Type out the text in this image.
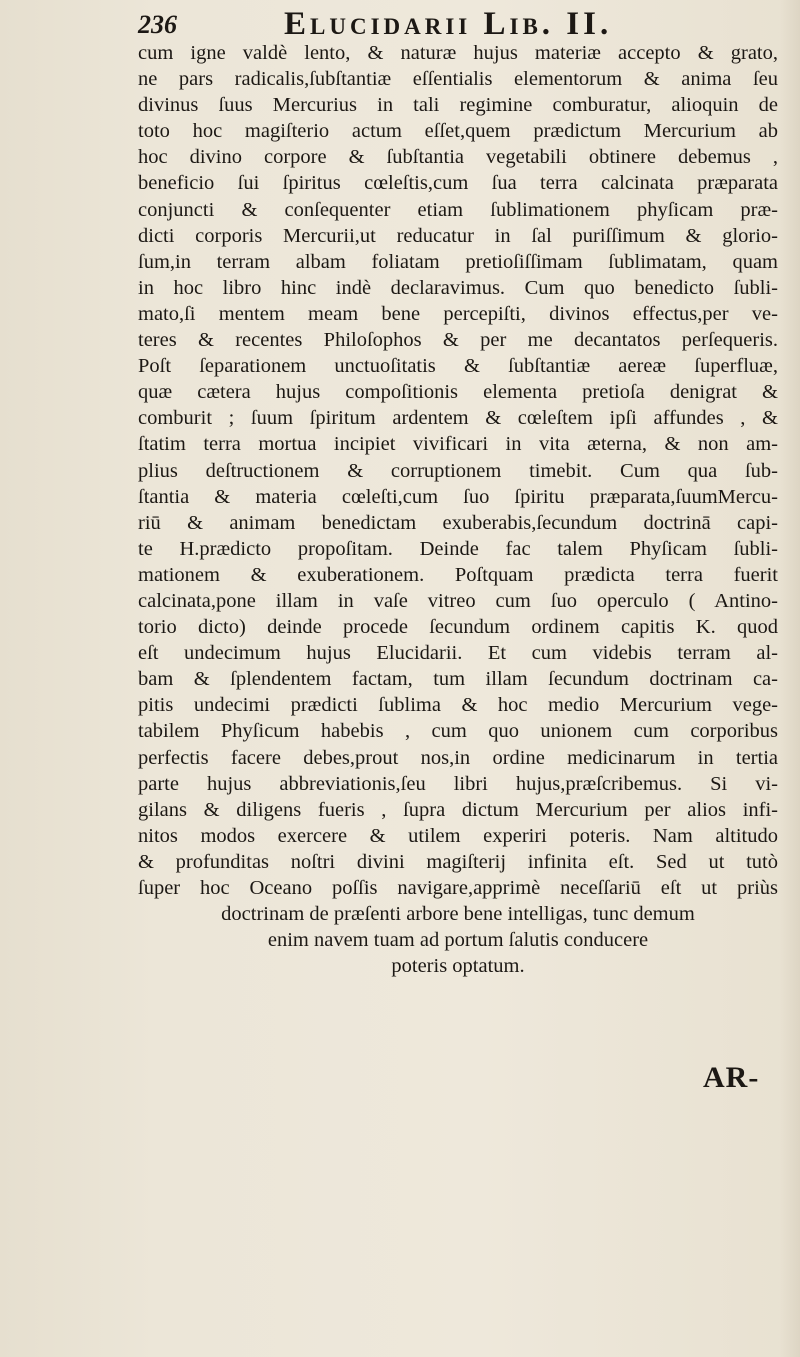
236	Elucidarii Lib. II.
cum igne valdè lento, & naturæ hujus materiæ accepto & grato,
ne pars radicalis,ſubſtantiæ eſſentialis elementorum & anima ſeu
divinus ſuus Mercurius in tali regimine comburatur, alioquin de
toto hoc magiſterio actum eſſet,quem prædictum Mercurium ab
hoc divino corpore & ſubſtantia vegetabili obtinere debemus ,
beneficio ſui ſpiritus cœleſtis,cum ſua terra calcinata præparata
conjuncti & conſequenter etiam ſublimationem phyſicam præ-
dicti corporis Mercurii,ut reducatur in ſal puriſſimum & glorio-
ſum,in terram albam foliatam pretioſiſſimam ſublimatam, quam
in hoc libro hinc indè declaravimus. Cum quo benedicto ſubli-
mato,ſi mentem meam bene percepiſti, divinos effectus,per ve-
teres & recentes Philoſophos & per me decantatos perſequeris.
Poſt ſeparationem unctuoſitatis & ſubſtantiæ aereæ ſuperfluæ,
quæ cætera hujus compoſitionis elementa pretioſa denigrat &
comburit ; ſuum ſpiritum ardentem & cœleſtem ipſi affundes , &
ſtatim terra mortua incipiet vivificari in vita æterna, & non am-
plius deſtructionem & corruptionem timebit. Cum qua ſub-
ſtantia & materia cœleſti,cum ſuo ſpiritu præparata,ſuumMercu-
riū & animam benedictam exuberabis,ſecundum doctrinā capi-
te H.prædicto propoſitam. Deinde fac talem Phyſicam ſubli-
mationem & exuberationem. Poſtquam prædicta terra fuerit
calcinata,pone illam in vaſe vitreo cum ſuo operculo ( Antino-
torio dicto) deinde procede ſecundum ordinem capitis K. quod
eſt undecimum hujus Elucidarii. Et cum videbis terram al-
bam & ſplendentem factam, tum illam ſecundum doctrinam ca-
pitis undecimi prædicti ſublima & hoc medio Mercurium vege-
tabilem Phyſicum habebis , cum quo unionem cum corporibus
perfectis facere debes,prout nos,in ordine medicinarum in tertia
parte hujus abbreviationis,ſeu libri hujus,præſcribemus. Si vi-
gilans & diligens fueris , ſupra dictum Mercurium per alios infi-
nitos modos exercere & utilem experiri poteris. Nam altitudo
& profunditas noſtri divini magiſterij infinita eſt. Sed ut tutò
ſuper hoc Oceano poſſis navigare,apprimè neceſſariū eſt ut priùs
doctrinam de præſenti arbore bene intelligas, tunc demum
enim navem tuam ad portum ſalutis conducere
poteris optatum.
AR-
